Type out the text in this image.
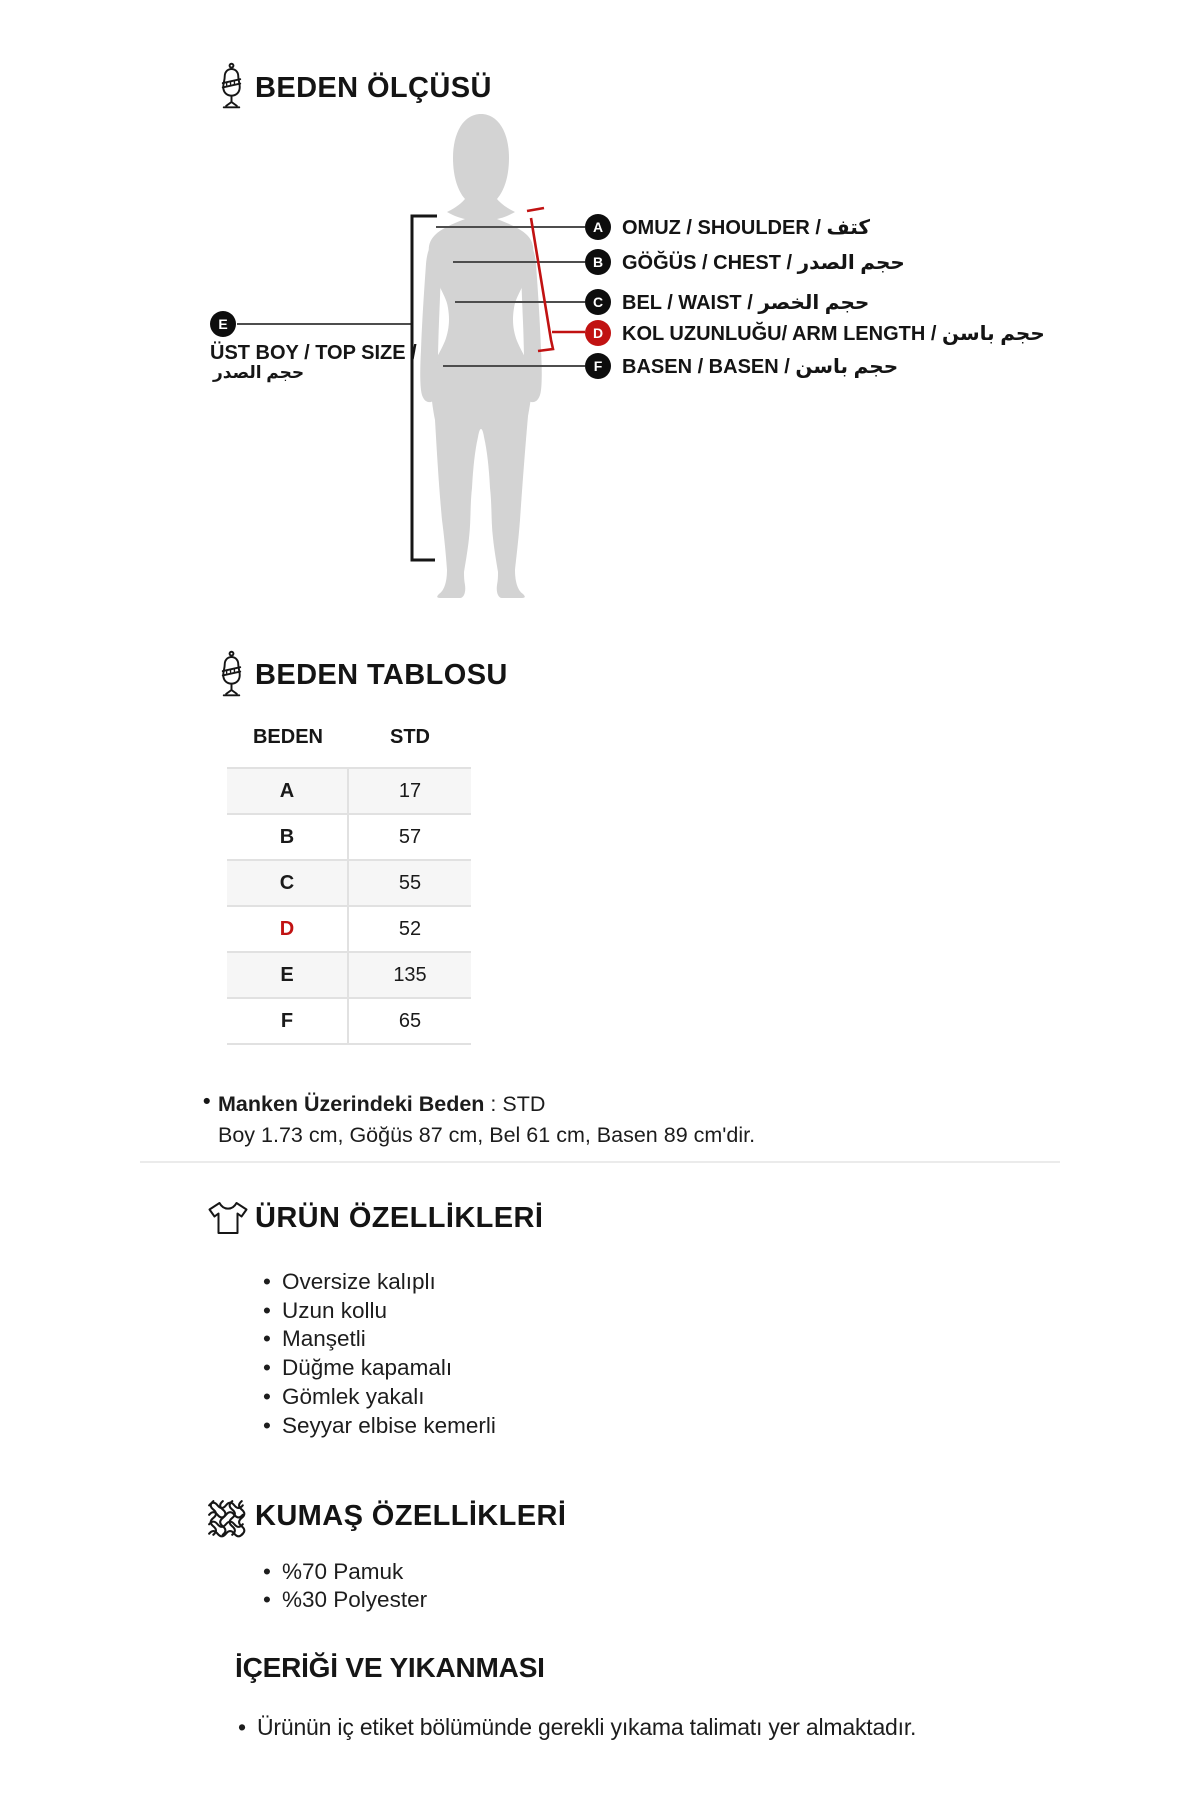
BEDEN ÖLÇÜSÜ
A OMUZ / SHOULDER / كتف
B GÖĞÜS / CHEST / حجم الصدر
C BEL / WAIST / حجم الخصر
D KOL UZUNLUĞU/ ARM LENGTH / حجم باسن
F BASEN / BASEN / حجم باسن
E
ÜST BOY / TOP SIZE /
حجم الصدر
BEDEN TABLOSU
BEDEN	STD
A	17
B	57
C	55
D	52
E	135
F	65
• Manken Üzerindeki Beden : STD
Boy 1.73 cm, Göğüs 87 cm, Bel 61 cm, Basen 89 cm'dir.
ÜRÜN ÖZELLİKLERİ
• Oversize kalıplı
• Uzun kollu
• Manşetli
• Düğme kapamalı
• Gömlek yakalı
• Seyyar elbise kemerli
KUMAŞ ÖZELLİKLERİ
• %70 Pamuk
• %30 Polyester
İÇERİĞİ VE YIKANMASI
• Ürünün iç etiket bölümünde gerekli yıkama talimatı yer almaktadır.
